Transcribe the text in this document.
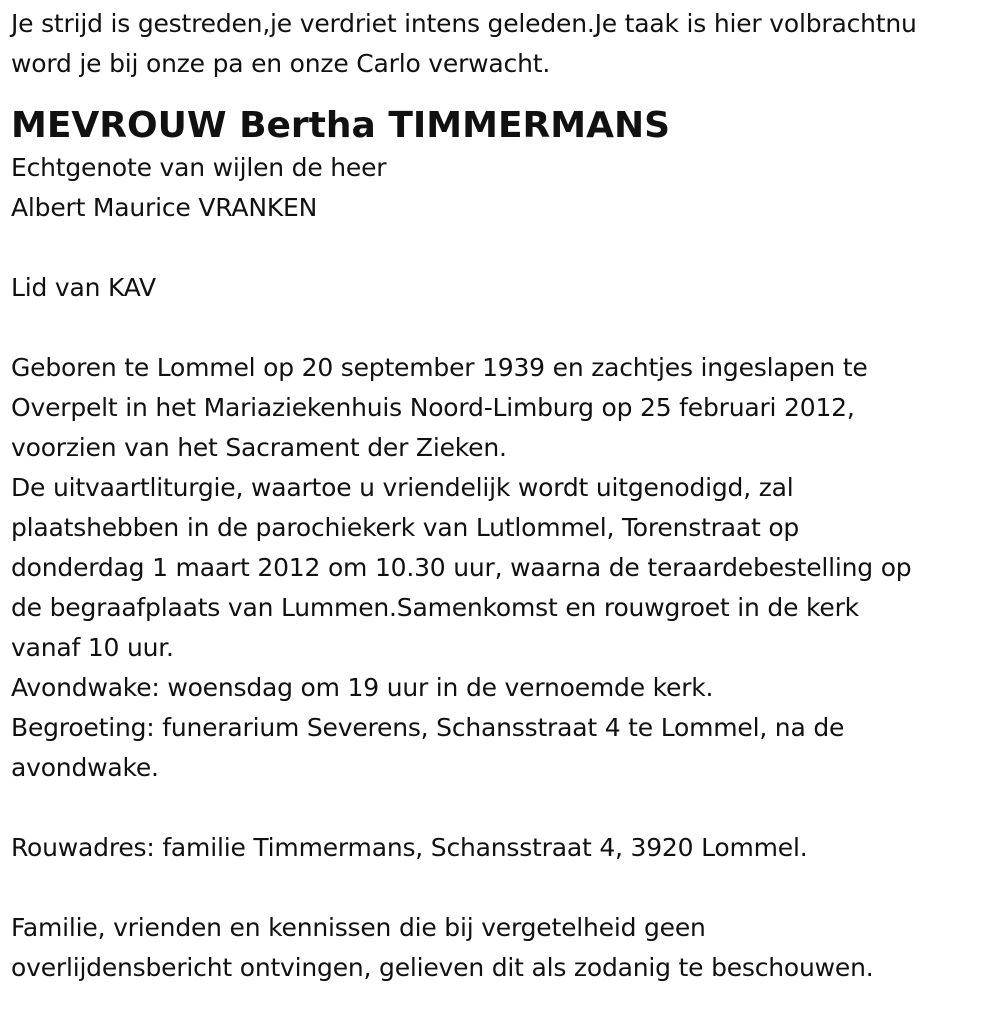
Je strijd is gestreden,je verdriet intens geleden.Je taak is hier volbrachtnu
word je bij onze pa en onze Carlo verwacht.
MEVROUW Bertha TIMMERMANS
Echtgenote van wijlen de heer
Albert Maurice VRANKEN
Lid van KAV
Geboren te Lommel op 20 september 1939 en zachtjes ingeslapen te
Overpelt in het Mariaziekenhuis Noord-Limburg op 25 februari 2012,
voorzien van het Sacrament der Zieken.
De uitvaartliturgie, waartoe u vriendelijk wordt uitgenodigd, zal
plaatshebben in de parochiekerk van Lutlommel, Torenstraat op
donderdag 1 maart 2012 om 10.30 uur, waarna de teraardebestelling op
de begraafplaats van Lummen.Samenkomst en rouwgroet in de kerk
vanaf 10 uur.
Avondwake: woensdag om 19 uur in de vernoemde kerk.
Begroeting: funerarium Severens, Schansstraat 4 te Lommel, na de
avondwake.
Rouwadres: familie Timmermans, Schansstraat 4, 3920 Lommel.
Familie, vrienden en kennissen die bij vergetelheid geen
overlijdensbericht ontvingen, gelieven dit als zodanig te beschouwen.
